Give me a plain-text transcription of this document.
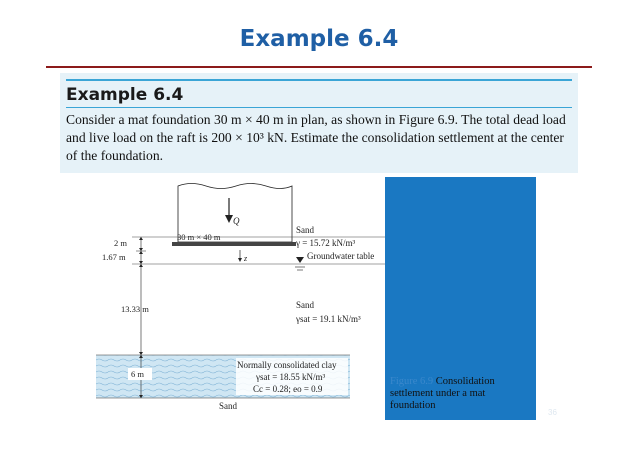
Example 6.4
Example 6.4
Consider a mat foundation 30 m × 40 m in plan, as shown in Figure 6.9. The total dead load and live load on the raft is 200 × 10³ kN. Estimate the consolidation settlement at the center of the foundation.
Q
30 m × 40 m
z
2 m
1.67 m
13.33 m
6 m
Normally consolidated clay
γsat = 18.55 kN/m³
Cc = 0.28; eo = 0.9
Sand
γ = 15.72 kN/m³
Groundwater table
Sand
γsat = 19.1 kN/m³
Sand
Figure 6.9 Consolidation settlement under a mat foundation
36
